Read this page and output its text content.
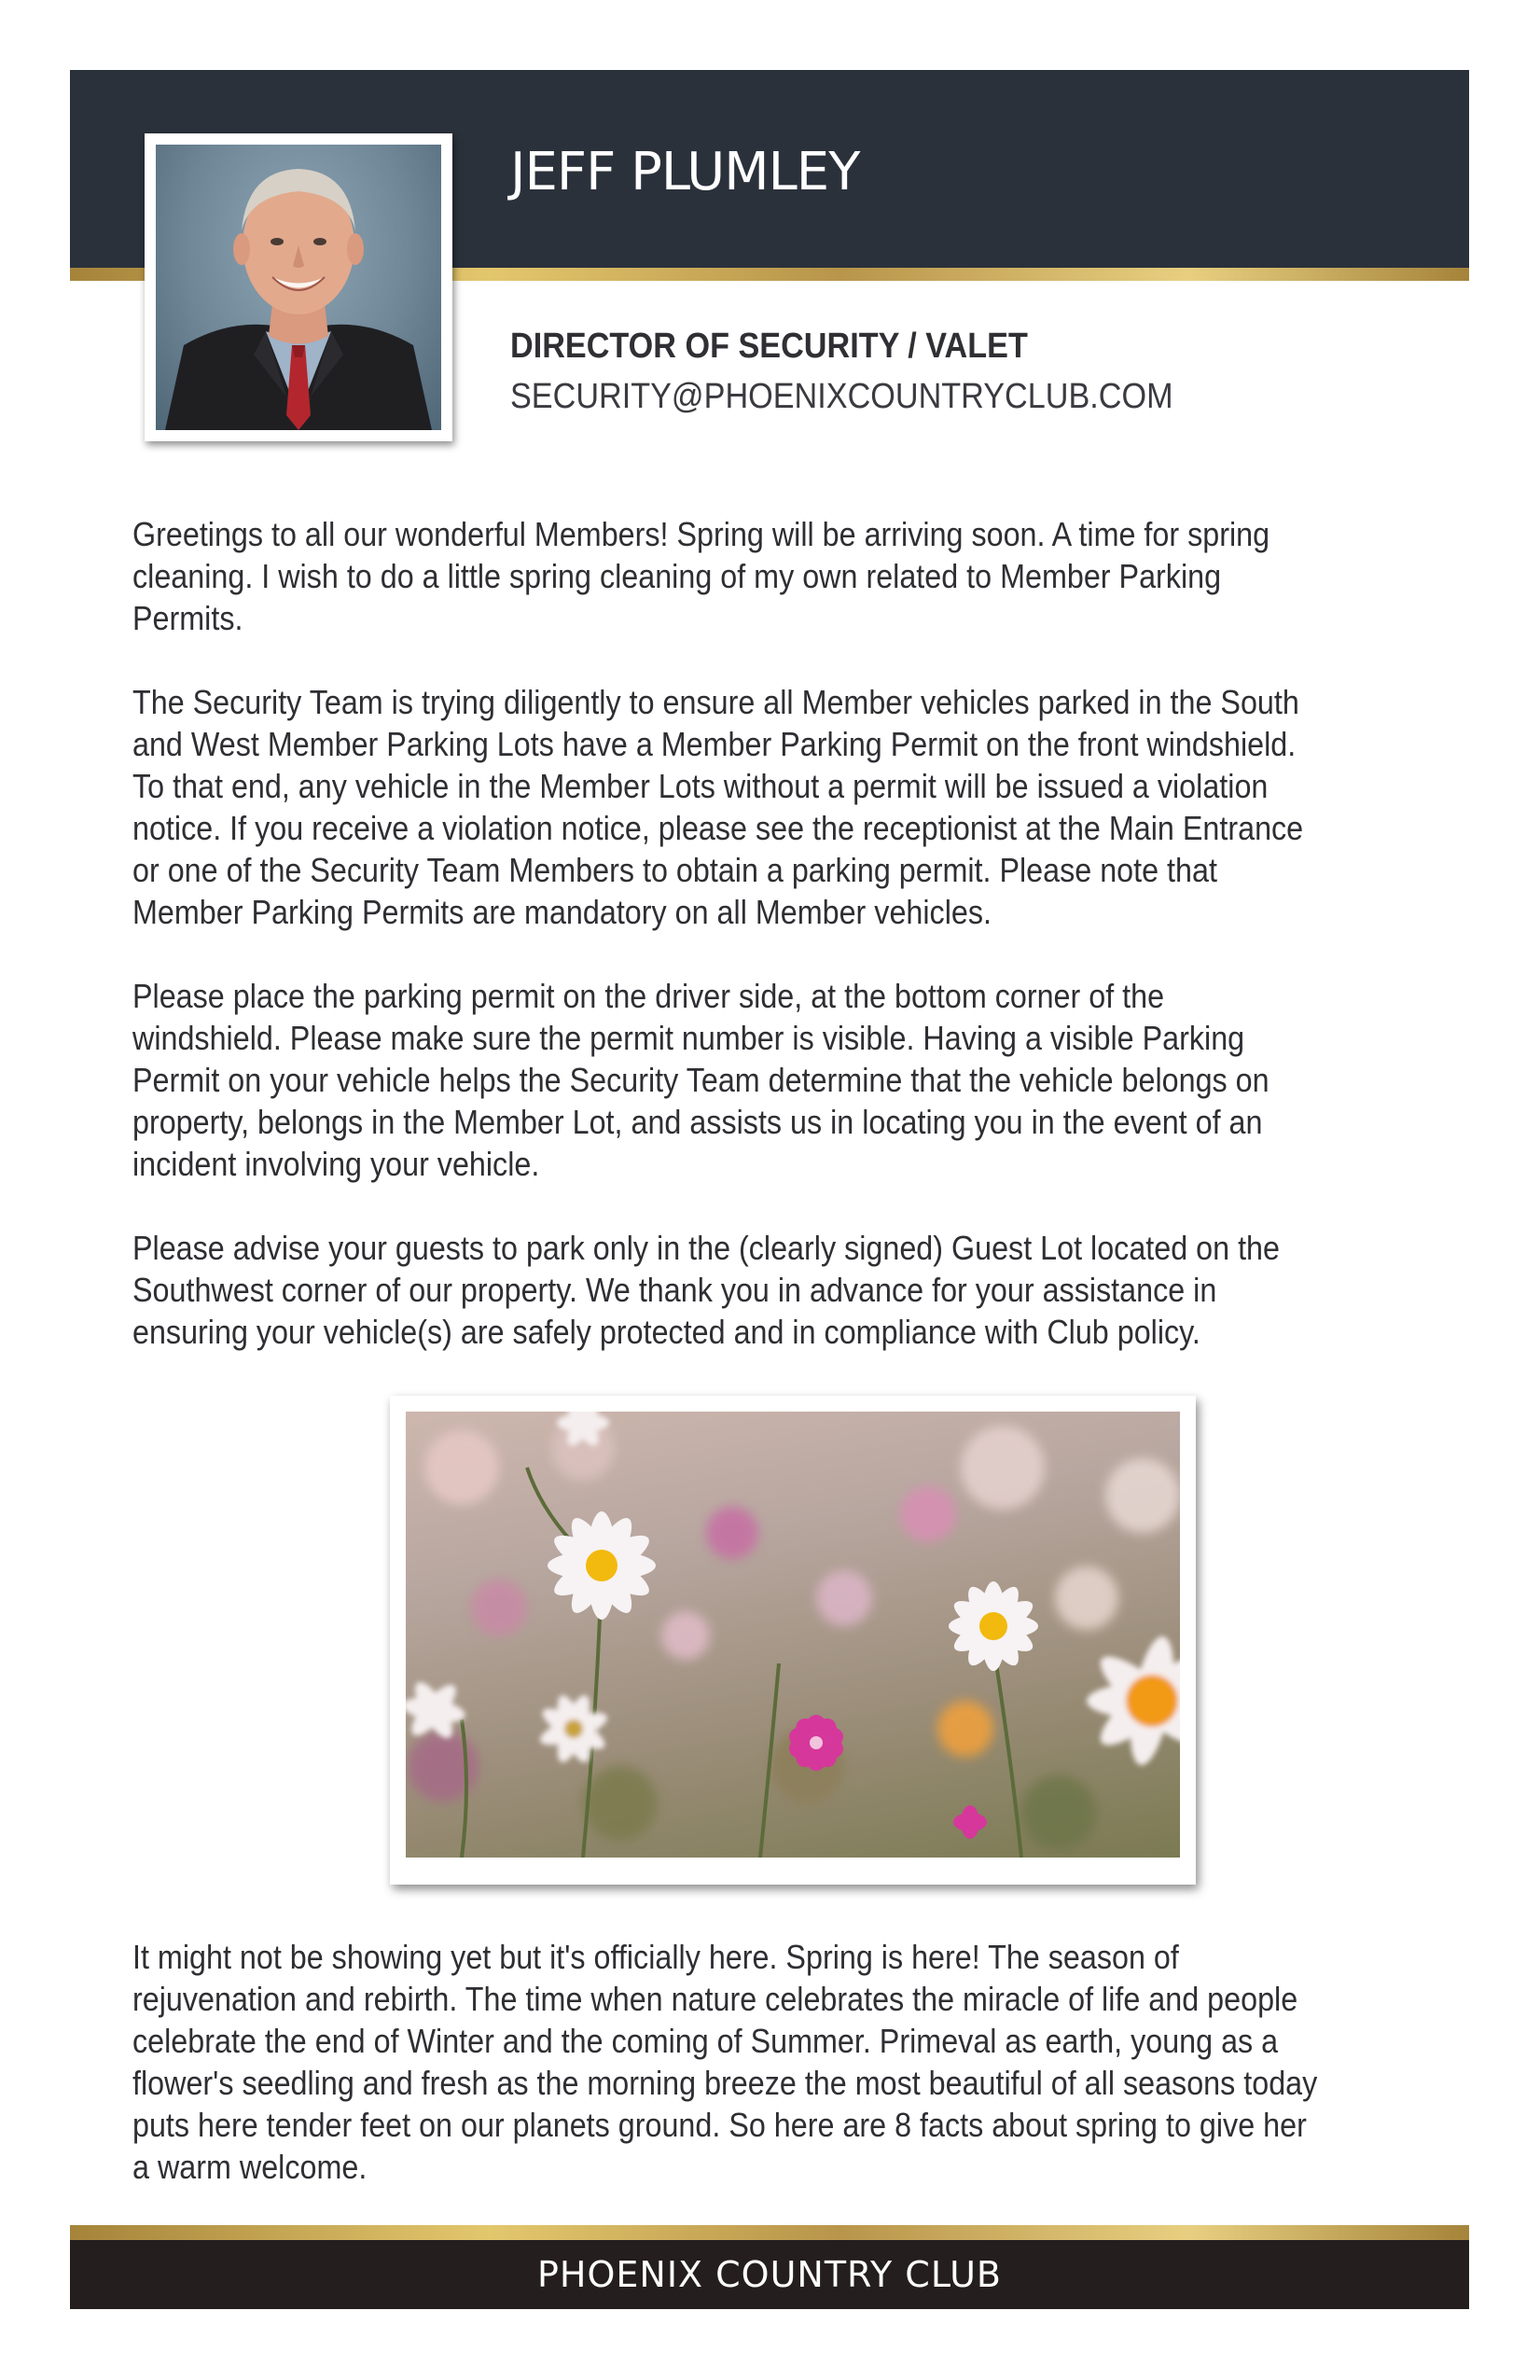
JEFF PLUMLEY
DIRECTOR OF SECURITY / VALET
SECURITY@PHOENIXCOUNTRYCLUB.COM

Greetings to all our wonderful Members! Spring will be arriving soon. A time for spring cleaning. I wish to do a little spring cleaning of my own related to Member Parking Permits.

The Security Team is trying diligently to ensure all Member vehicles parked in the South and West Member Parking Lots have a Member Parking Permit on the front windshield. To that end, any vehicle in the Member Lots without a permit will be issued a violation notice. If you receive a violation notice, please see the receptionist at the Main Entrance or one of the Security Team Members to obtain a parking permit. Please note that Member Parking Permits are mandatory on all Member vehicles.

Please place the parking permit on the driver side, at the bottom corner of the windshield. Please make sure the permit number is visible. Having a visible Parking Permit on your vehicle helps the Security Team determine that the vehicle belongs on property, belongs in the Member Lot, and assists us in locating you in the event of an incident involving your vehicle.

Please advise your guests to park only in the (clearly signed) Guest Lot located on the Southwest corner of our property. We thank you in advance for your assistance in ensuring your vehicle(s) are safely protected and in compliance with Club policy.

It might not be showing yet but it's officially here. Spring is here! The season of rejuvenation and rebirth. The time when nature celebrates the miracle of life and people celebrate the end of Winter and the coming of Summer. Primeval as earth, young as a flower's seedling and fresh as the morning breeze the most beautiful of all seasons today puts here tender feet on our planets ground. So here are 8 facts about spring to give her a warm welcome.

PHOENIX COUNTRY CLUB
